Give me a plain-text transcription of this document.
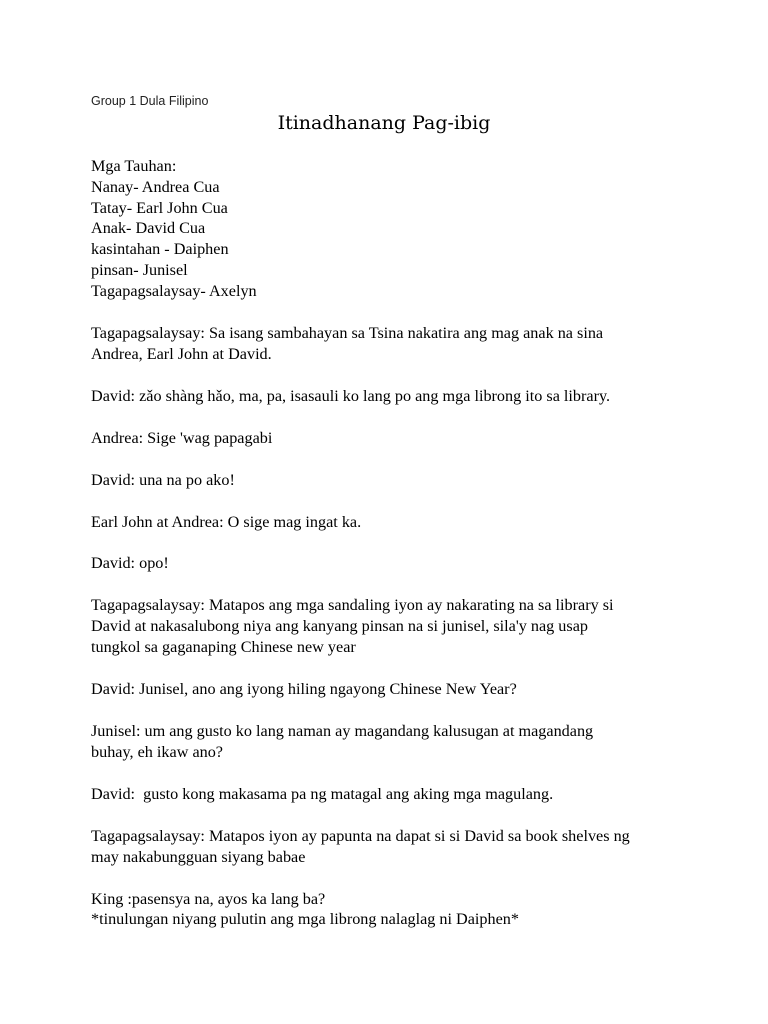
Group 1 Dula Filipino
Itinadhanang Pag-ibig
Mga Tauhan:
Nanay- Andrea Cua
Tatay- Earl John Cua
Anak- David Cua
kasintahan - Daiphen
pinsan- Junisel
Tagapagsalaysay- Axelyn
Tagapagsalaysay: Sa isang sambahayan sa Tsina nakatira ang mag anak na sina
Andrea, Earl John at David.
David: zǎo shàng hǎo, ma, pa, isasauli ko lang po ang mga librong ito sa library.
Andrea: Sige 'wag papagabi
David: una na po ako!
Earl John at Andrea: O sige mag ingat ka.
David: opo!
Tagapagsalaysay: Matapos ang mga sandaling iyon ay nakarating na sa library si
David at nakasalubong niya ang kanyang pinsan na si junisel, sila'y nag usap
tungkol sa gaganaping Chinese new year
David: Junisel, ano ang iyong hiling ngayong Chinese New Year?
Junisel: um ang gusto ko lang naman ay magandang kalusugan at magandang
buhay, eh ikaw ano?
David:  gusto kong makasama pa ng matagal ang aking mga magulang.
Tagapagsalaysay: Matapos iyon ay papunta na dapat si si David sa book shelves ng
may nakabungguan siyang babae
King :pasensya na, ayos ka lang ba?
*tinulungan niyang pulutin ang mga librong nalaglag ni Daiphen*
